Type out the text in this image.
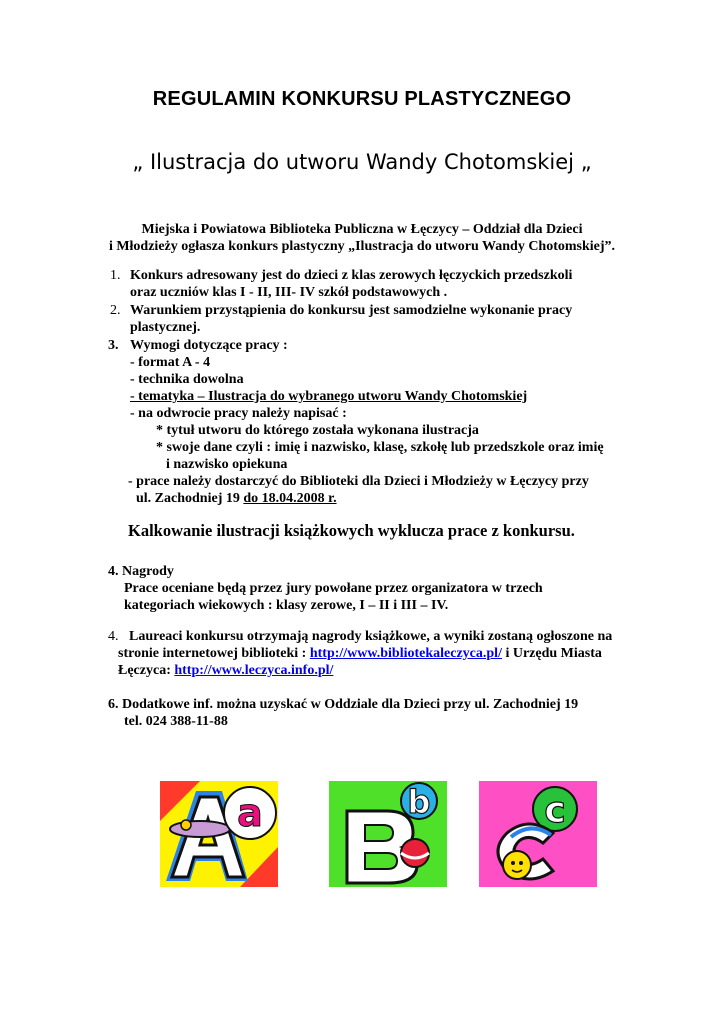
REGULAMIN KONKURSU PLASTYCZNEGO
„ Ilustracja do utworu Wandy Chotomskiej „
Miejska i Powiatowa Biblioteka Publiczna w Łęczycy – Oddział dla Dzieci
i Młodzieży ogłasza konkurs plastyczny „Ilustracja do utworu Wandy Chotomskiej”.
1. Konkurs adresowany jest do dzieci z klas zerowych łęczyckich przedszkoli
oraz uczniów klas I - II, III- IV szkół podstawowych .
2. Warunkiem przystąpienia do konkursu jest samodzielne wykonanie pracy
plastycznej.
3. Wymogi dotyczące pracy :
- format A - 4
- technika dowolna
- tematyka – Ilustracja do wybranego utworu Wandy Chotomskiej
- na odwrocie pracy należy napisać :
* tytuł utworu do którego została wykonana ilustracja
* swoje dane czyli : imię i nazwisko, klasę, szkołę lub przedszkole oraz imię
i nazwisko opiekuna
- prace należy dostarczyć do Biblioteki dla Dzieci i Młodzieży w Łęczycy przy
ul. Zachodniej 19 do 18.04.2008 r.
Kalkowanie ilustracji książkowych wyklucza prace z konkursu.
4. Nagrody
Prace oceniane będą przez jury powołane przez organizatora w trzech
kategoriach wiekowych : klasy zerowe, I – II i III – IV.
4. Laureaci konkursu otrzymają nagrody książkowe, a wyniki zostaną ogłoszone na
stronie internetowej biblioteki : http://www.bibliotekaleczyca.pl/ i Urzędu Miasta
Łęczyca: http://www.leczyca.info.pl/
6. Dodatkowe inf. można uzyskać w Oddziale dla Dzieci przy ul. Zachodniej 19
tel. 024 388-11-88
a	b	c
